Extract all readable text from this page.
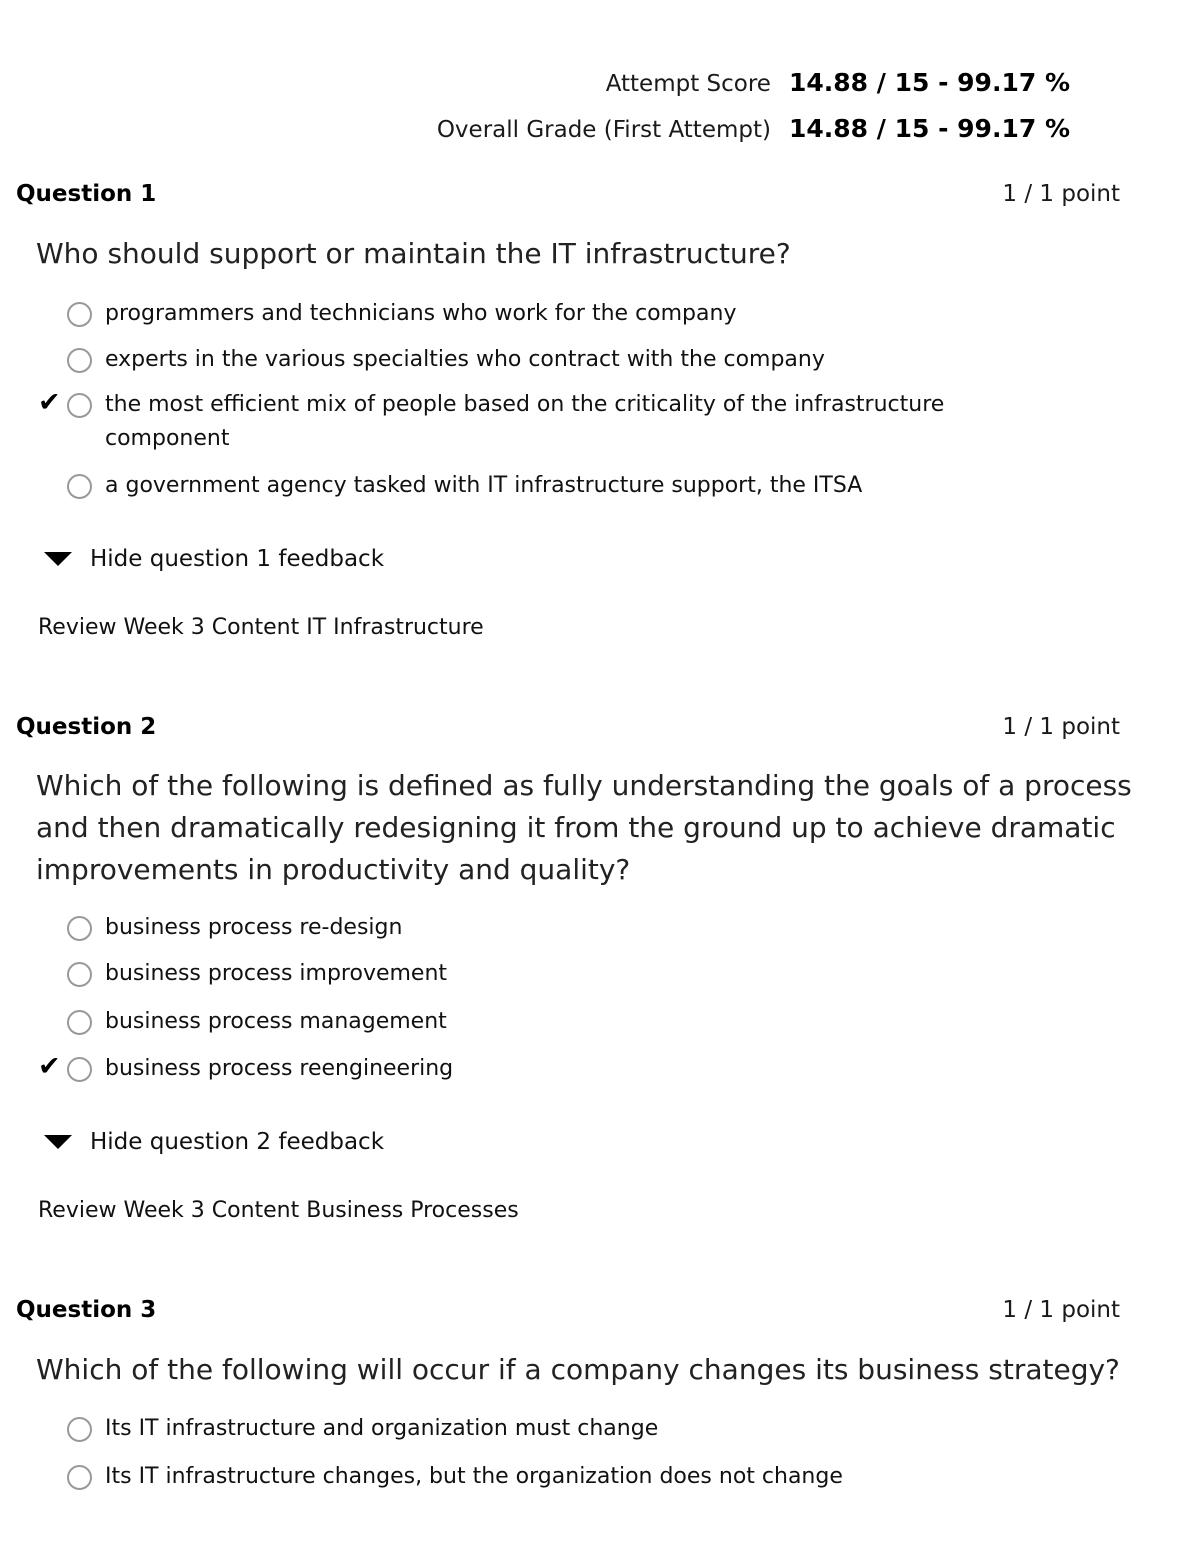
Attempt Score 14.88 / 15 - 99.17 %
Overall Grade (First Attempt) 14.88 / 15 - 99.17 %
Question 1	1 / 1 point
Who should support or maintain the IT infrastructure?
programmers and technicians who work for the company
experts in the various specialties who contract with the company
✔ the most efficient mix of people based on the criticality of the infrastructure component
a government agency tasked with IT infrastructure support, the ITSA
Hide question 1 feedback
Review Week 3 Content IT Infrastructure
Question 2	1 / 1 point
Which of the following is defined as fully understanding the goals of a process and then dramatically redesigning it from the ground up to achieve dramatic improvements in productivity and quality?
business process re-design
business process improvement
business process management
✔ business process reengineering
Hide question 2 feedback
Review Week 3 Content Business Processes
Question 3	1 / 1 point
Which of the following will occur if a company changes its business strategy?
Its IT infrastructure and organization must change
Its IT infrastructure changes, but the organization does not change
